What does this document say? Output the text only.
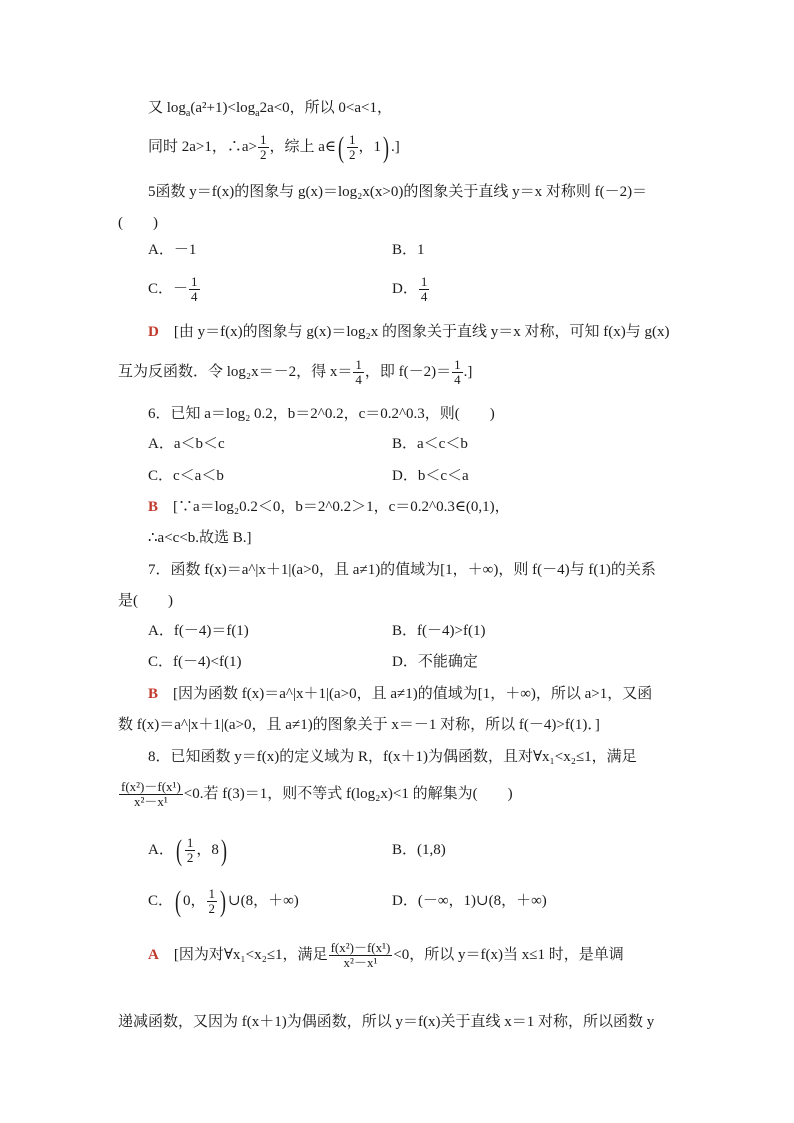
又 $\log_a(a^2+1)<\log_a2a<0$，所以 0<a<1，
同时 2a>1，∴a> $\frac{1}{2}$ ，综上 a∈( $\frac{1}{2}$ ，1) .]
5函数 y＝f(x)的图象与 g(x)＝log₂x(x>0)的图象关于直线 y＝x 对称则 f(－2)＝
(　　)
A．－1	B．1
C．－ $\frac{1}{4}$	D． $\frac{1}{4}$
D　 [由 y＝f(x)的图象与 g(x)＝log₂x 的图象关于直线 y＝x 对称，可知 f(x)与 g(x)
互为反函数．令 log₂x＝－2，得 $x= \frac{1}{4}$ ，即 $f(-2)= \frac{1}{4}$ .]
6．已知 a＝log₂ 0.2，b＝2^0.2，c＝0.2^0.3，则(　　)
A．a＜b＜c	B．a＜c＜b
C．c＜a＜b	D．b＜c＜a
B　 [∵a＝log₂0.2＜0，b＝2^0.2＞1，c＝0.2^0.3∈(0,1)，
∴a<c<b.故选 B.]
7．函数 f(x)＝a^|x＋1|(a>0，且 a≠1)的值域为[1，＋∞)，则 f(－4)与 f(1)的关系
是(　　)
A．f(－4)＝f(1)	B．f(－4)>f(1)
C．f(－4)<f(1)	D．不能确定
B　 [因为函数 f(x)＝a^|x＋1|(a>0，且 a≠1)的值域为[1，＋∞)，所以 a>1，又函
数 f(x)＝a^|x＋1|(a>0，且 a≠1)的图象关于 x＝－1 对称，所以 f(－4)>f(1)．]
8．已知函数 y＝f(x)的定义域为 R，f(x＋1)为偶函数，且对∀x₁<x₂≤1，满足
$\frac{\text{f(x²)－f(x¹)}}{\text{x²－x¹}} <0$.若 f(3)＝1，则不等式 f(log₂x)<1 的解集为(　　)
A．( $\frac{1}{2}$ ，8)	B．(1,8)
C．( 0， $\frac{1}{2}$ ) ∪(8，＋∞)	D．(－∞，1)∪(8，＋∞)
A　 [因为对∀x₁<x₂≤1，满足 $\frac{\text{f(x²)－f(x¹)}}{\text{x²－x¹}} <0$，所以 y＝f(x)当 x≤1 时，是单调
递减函数，又因为 f(x＋1)为偶函数，所以 y＝f(x)关于直线 x＝1 对称，所以函数 y
